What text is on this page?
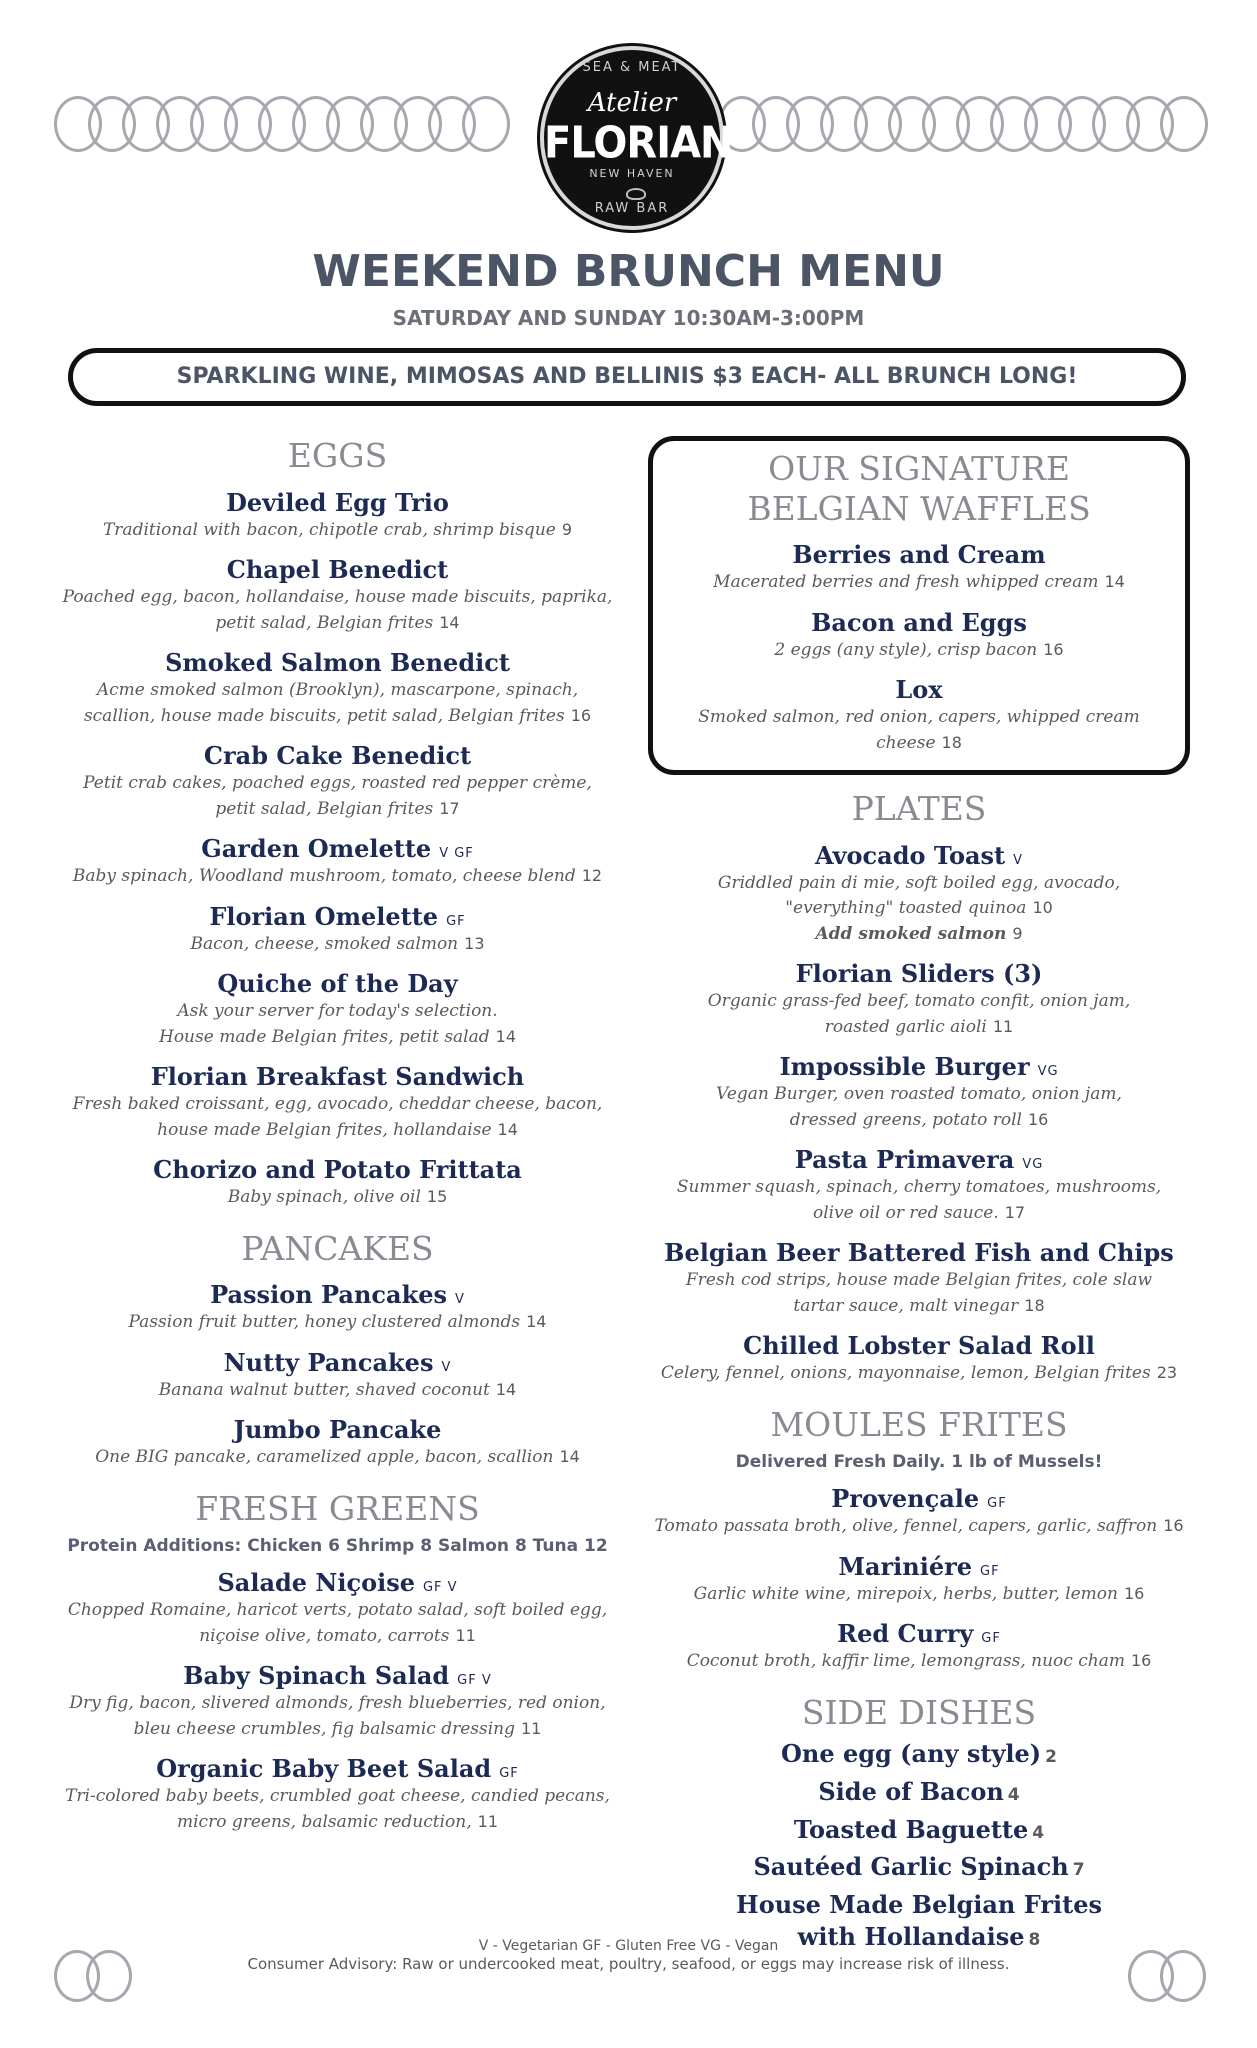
SEA & MEAT
Atelier
FLORIAN
NEW HAVEN
RAW BAR
WEEKEND BRUNCH MENU
SATURDAY AND SUNDAY 10:30AM-3:00PM
SPARKLING WINE, MIMOSAS AND BELLINIS $3 EACH- ALL BRUNCH LONG!
EGGS
Deviled Egg Trio
Traditional with bacon, chipotle crab, shrimp bisque 9
Chapel Benedict
Poached egg, bacon, hollandaise, house made biscuits, paprika,
petit salad, Belgian frites 14
Smoked Salmon Benedict
Acme smoked salmon (Brooklyn), mascarpone, spinach,
scallion, house made biscuits, petit salad, Belgian frites 16
Crab Cake Benedict
Petit crab cakes, poached eggs, roasted red pepper crème,
petit salad, Belgian frites 17
Garden Omelette V GF
Baby spinach, Woodland mushroom, tomato, cheese blend 12
Florian Omelette GF
Bacon, cheese, smoked salmon 13
Quiche of the Day
Ask your server for today's selection.
House made Belgian frites, petit salad 14
Florian Breakfast Sandwich
Fresh baked croissant, egg, avocado, cheddar cheese, bacon,
house made Belgian frites, hollandaise 14
Chorizo and Potato Frittata
Baby spinach, olive oil 15
PANCAKES
Passion Pancakes V
Passion fruit butter, honey clustered almonds 14
Nutty Pancakes V
Banana walnut butter, shaved coconut 14
Jumbo Pancake
One BIG pancake, caramelized apple, bacon, scallion 14
FRESH GREENS
Protein Additions: Chicken 6 Shrimp 8 Salmon 8 Tuna 12
Salade Niçoise GF V
Chopped Romaine, haricot verts, potato salad, soft boiled egg,
niçoise olive, tomato, carrots 11
Baby Spinach Salad GF V
Dry fig, bacon, slivered almonds, fresh blueberries, red onion,
bleu cheese crumbles, fig balsamic dressing 11
Organic Baby Beet Salad GF
Tri-colored baby beets, crumbled goat cheese, candied pecans,
micro greens, balsamic reduction, 11
OUR SIGNATURE
BELGIAN WAFFLES
Berries and Cream
Macerated berries and fresh whipped cream 14
Bacon and Eggs
2 eggs (any style), crisp bacon 16
Lox
Smoked salmon, red onion, capers, whipped cream cheese 18
PLATES
Avocado Toast V
Griddled pain di mie, soft boiled egg, avocado,
"everything" toasted quinoa 10
Add smoked salmon 9
Florian Sliders (3)
Organic grass-fed beef, tomato confit, onion jam,
roasted garlic aioli 11
Impossible Burger VG
Vegan Burger, oven roasted tomato, onion jam,
dressed greens, potato roll 16
Pasta Primavera VG
Summer squash, spinach, cherry tomatoes, mushrooms,
olive oil or red sauce. 17
Belgian Beer Battered Fish and Chips
Fresh cod strips, house made Belgian frites, cole slaw
tartar sauce, malt vinegar 18
Chilled Lobster Salad Roll
Celery, fennel, onions, mayonnaise, lemon, Belgian frites 23
MOULES FRITES
Delivered Fresh Daily. 1 lb of Mussels!
Provençale GF
Tomato passata broth, olive, fennel, capers, garlic, saffron 16
Mariniére GF
Garlic white wine, mirepoix, herbs, butter, lemon 16
Red Curry GF
Coconut broth, kaffir lime, lemongrass, nuoc cham 16
SIDE DISHES
One egg (any style) 2
Side of Bacon 4
Toasted Baguette 4
Sautéed Garlic Spinach 7
House Made Belgian Frites
with Hollandaise 8
V - Vegetarian GF - Gluten Free VG - Vegan
Consumer Advisory: Raw or undercooked meat, poultry, seafood, or eggs may increase risk of illness.
